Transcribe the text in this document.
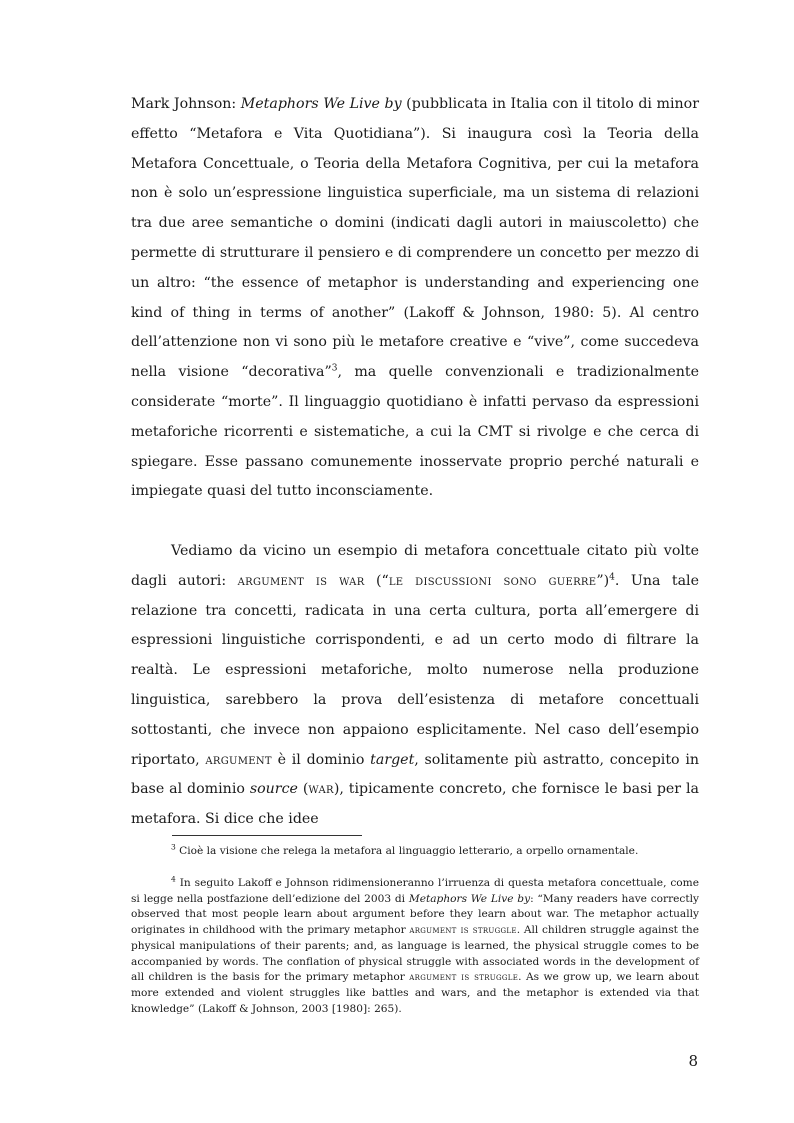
Mark Johnson: Metaphors We Live by (pubblicata in Italia con il titolo di minor effetto “Metafora e Vita Quotidiana”). Si inaugura così la Teoria della Metafora Concettuale, o Teoria della Metafora Cognitiva, per cui la metafora non è solo un’espressione linguistica superficiale, ma un sistema di relazioni tra due aree semantiche o domini (indicati dagli autori in maiuscoletto) che permette di strutturare il pensiero e di comprendere un concetto per mezzo di un altro: “the essence of metaphor is understanding and experiencing one kind of thing in terms of another” (Lakoff & Johnson, 1980: 5). Al centro dell’attenzione non vi sono più le metafore creative e “vive”, come succedeva nella visione “decorativa”$^3$, ma quelle convenzionali e tradizionalmente considerate “morte”. Il linguaggio quotidiano è infatti pervaso da espressioni metaforiche ricorrenti e sistematiche, a cui la CMT si rivolge e che cerca di spiegare. Esse passano comunemente inosservate proprio perché naturali e impiegate quasi del tutto inconsciamente.

Vediamo da vicino un esempio di metafora concettuale citato più volte dagli autori: argument is war (“le discussioni sono guerre”)$^4$. Una tale relazione tra concetti, radicata in una certa cultura, porta all’emergere di espressioni linguistiche corrispondenti, e ad un certo modo di filtrare la realtà. Le espressioni metaforiche, molto numerose nella produzione linguistica, sarebbero la prova dell’esistenza di metafore concettuali sottostanti, che invece non appaiono esplicitamente. Nel caso dell’esempio riportato, argument è il dominio target, solitamente più astratto, concepito in base al dominio source (war), tipicamente concreto, che fornisce le basi per la metafora. Si dice che idee

$^3$ Cioè la visione che relega la metafora al linguaggio letterario, a orpello ornamentale.

$^4$ In seguito Lakoff e Johnson ridimensioneranno l’irruenza di questa metafora concettuale, come si legge nella postfazione dell’edizione del 2003 di Metaphors We Live by: “Many readers have correctly observed that most people learn about argument before they learn about war. The metaphor actually originates in childhood with the primary metaphor argument is struggle. All children struggle against the physical manipulations of their parents; and, as language is learned, the physical struggle comes to be accompanied by words. The conflation of physical struggle with associated words in the development of all children is the basis for the primary metaphor argument is struggle. As we grow up, we learn about more extended and violent struggles like battles and wars, and the metaphor is extended via that knowledge” (Lakoff & Johnson, 2003 [1980]: 265).

8
